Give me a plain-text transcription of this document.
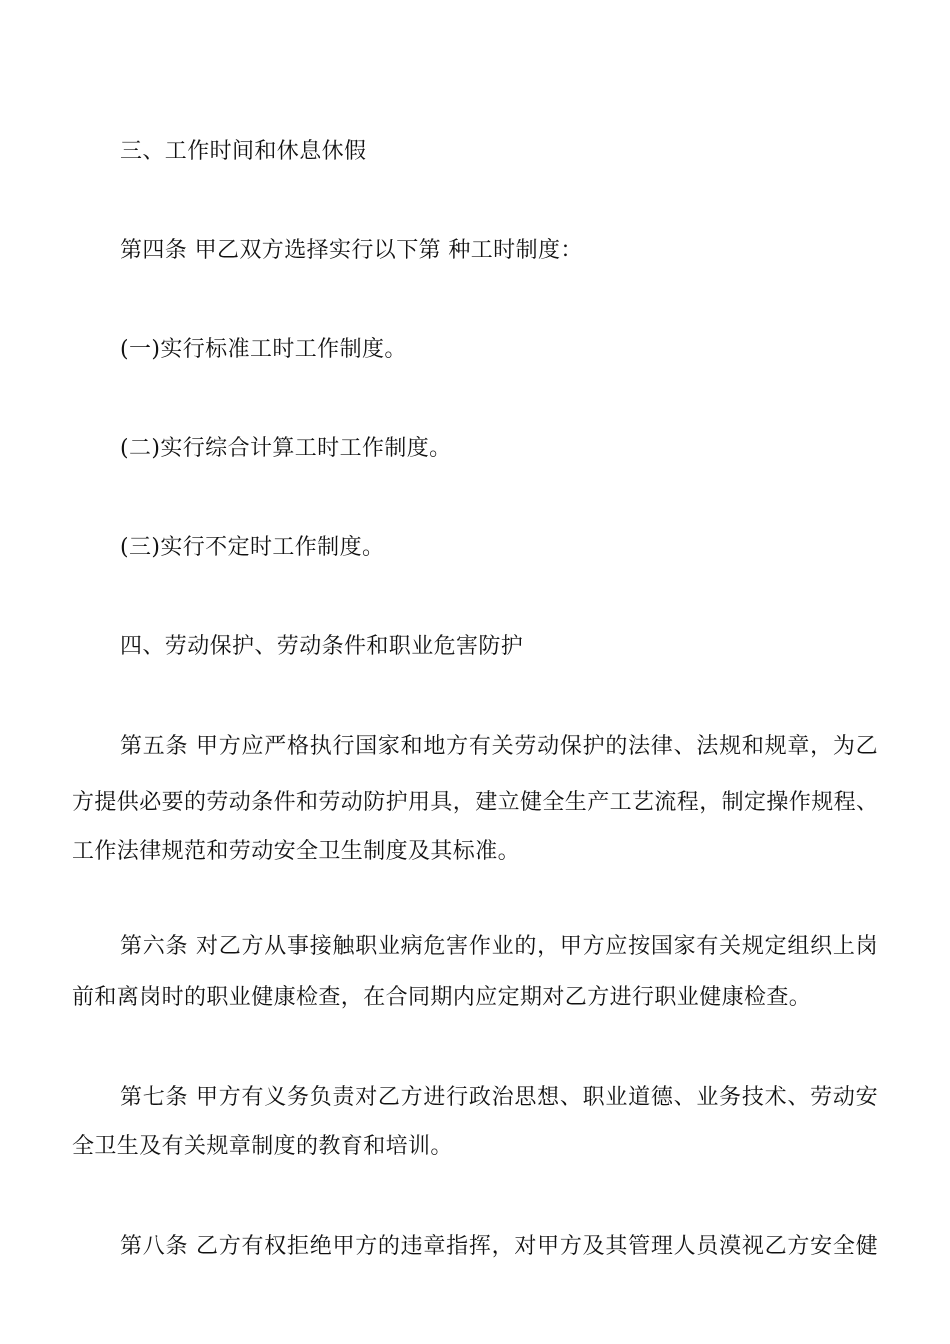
三、工作时间和休息休假
第四条 甲乙双方选择实行以下第 种工时制度：
(一)实行标准工时工作制度。
(二)实行综合计算工时工作制度。
(三)实行不定时工作制度。
四、劳动保护、劳动条件和职业危害防护
第五条 甲方应严格执行国家和地方有关劳动保护的法律、法规和规章，为乙
方提供必要的劳动条件和劳动防护用具，建立健全生产工艺流程，制定操作规程、
工作法律规范和劳动安全卫生制度及其标准。
第六条 对乙方从事接触职业病危害作业的，甲方应按国家有关规定组织上岗
前和离岗时的职业健康检查，在合同期内应定期对乙方进行职业健康检查。
第七条 甲方有义务负责对乙方进行政治思想、职业道德、业务技术、劳动安
全卫生及有关规章制度的教育和培训。
第八条 乙方有权拒绝甲方的违章指挥，对甲方及其管理人员漠视乙方安全健
